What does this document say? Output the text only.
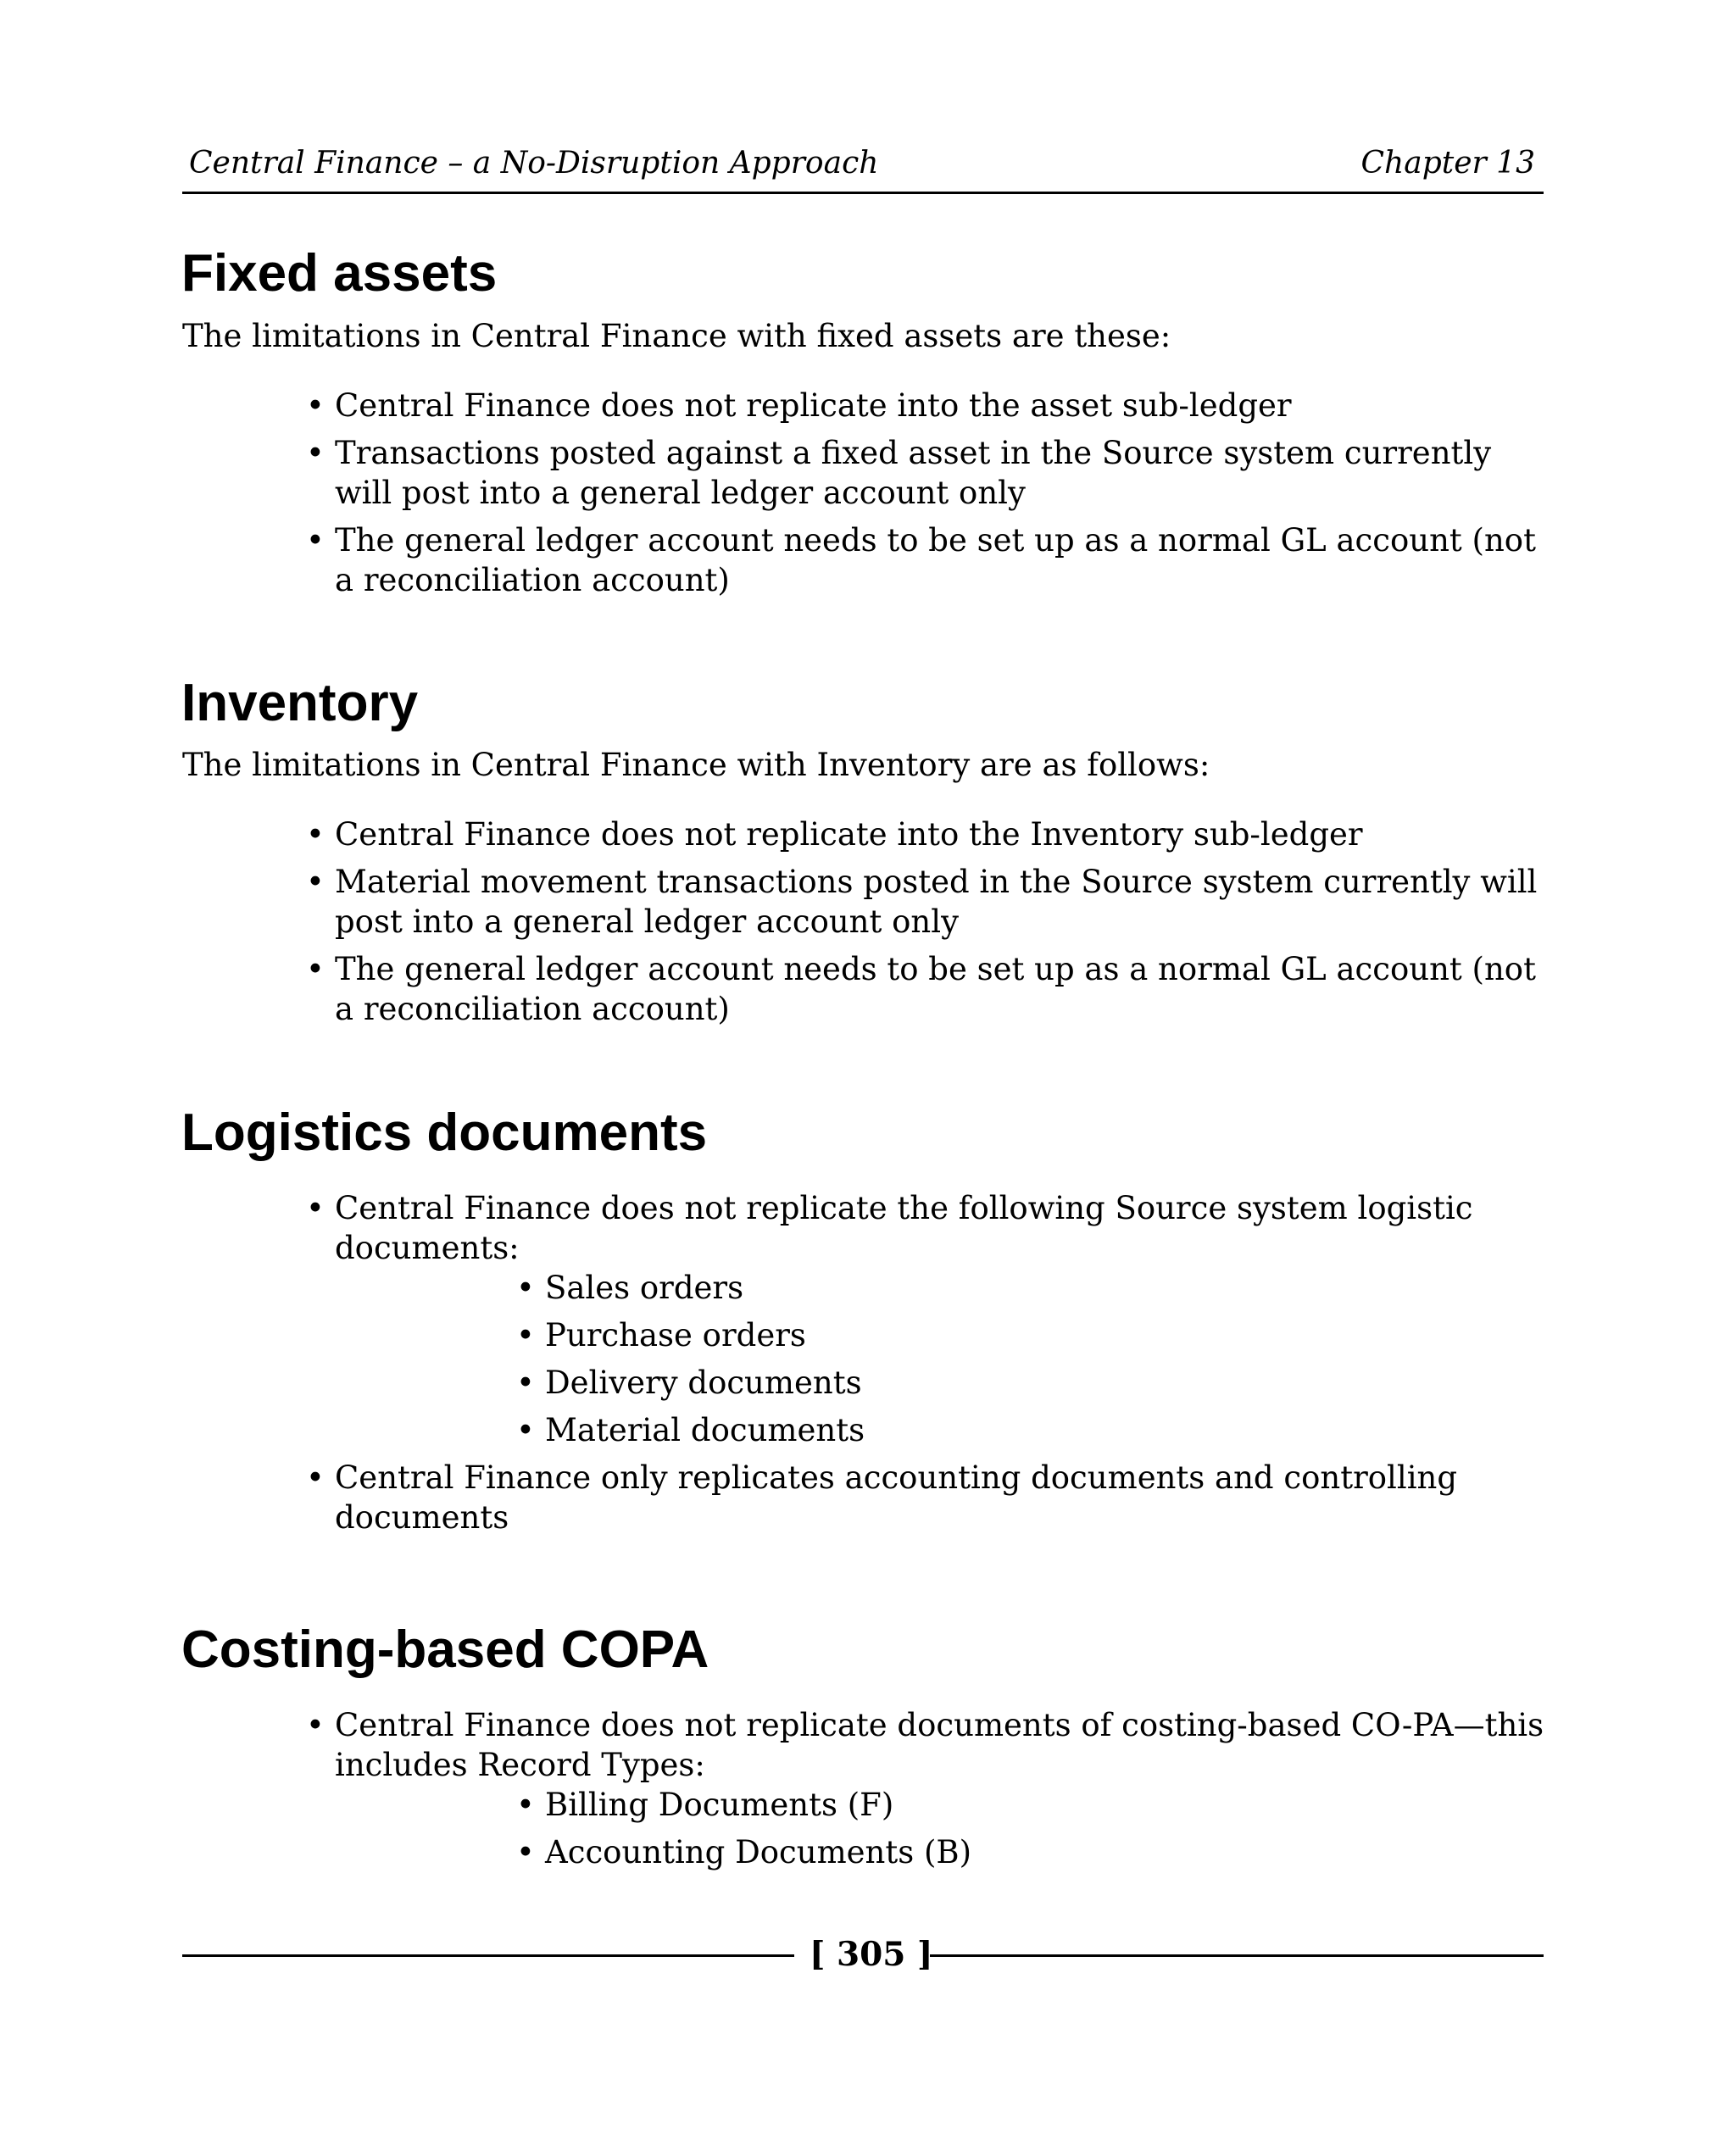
Central Finance – a No-Disruption Approach	Chapter 13
Fixed assets

The limitations in Central Finance with fixed assets are these:

• Central Finance does not replicate into the asset sub-ledger
• Transactions posted against a fixed asset in the Source system currently will post into a general ledger account only
• The general ledger account needs to be set up as a normal GL account (not a reconciliation account)
Inventory

The limitations in Central Finance with Inventory are as follows:

• Central Finance does not replicate into the Inventory sub-ledger
• Material movement transactions posted in the Source system currently will post into a general ledger account only
• The general ledger account needs to be set up as a normal GL account (not a reconciliation account)
Logistics documents
• Central Finance does not replicate the following Source system logistic documents:
• Sales orders
• Purchase orders
• Delivery documents
• Material documents
• Central Finance only replicates accounting documents and controlling documents
Costing-based COPA
• Central Finance does not replicate documents of costing-based CO-PA—this includes Record Types:
• Billing Documents (F)
• Accounting Documents (B)
[ 305 ]
